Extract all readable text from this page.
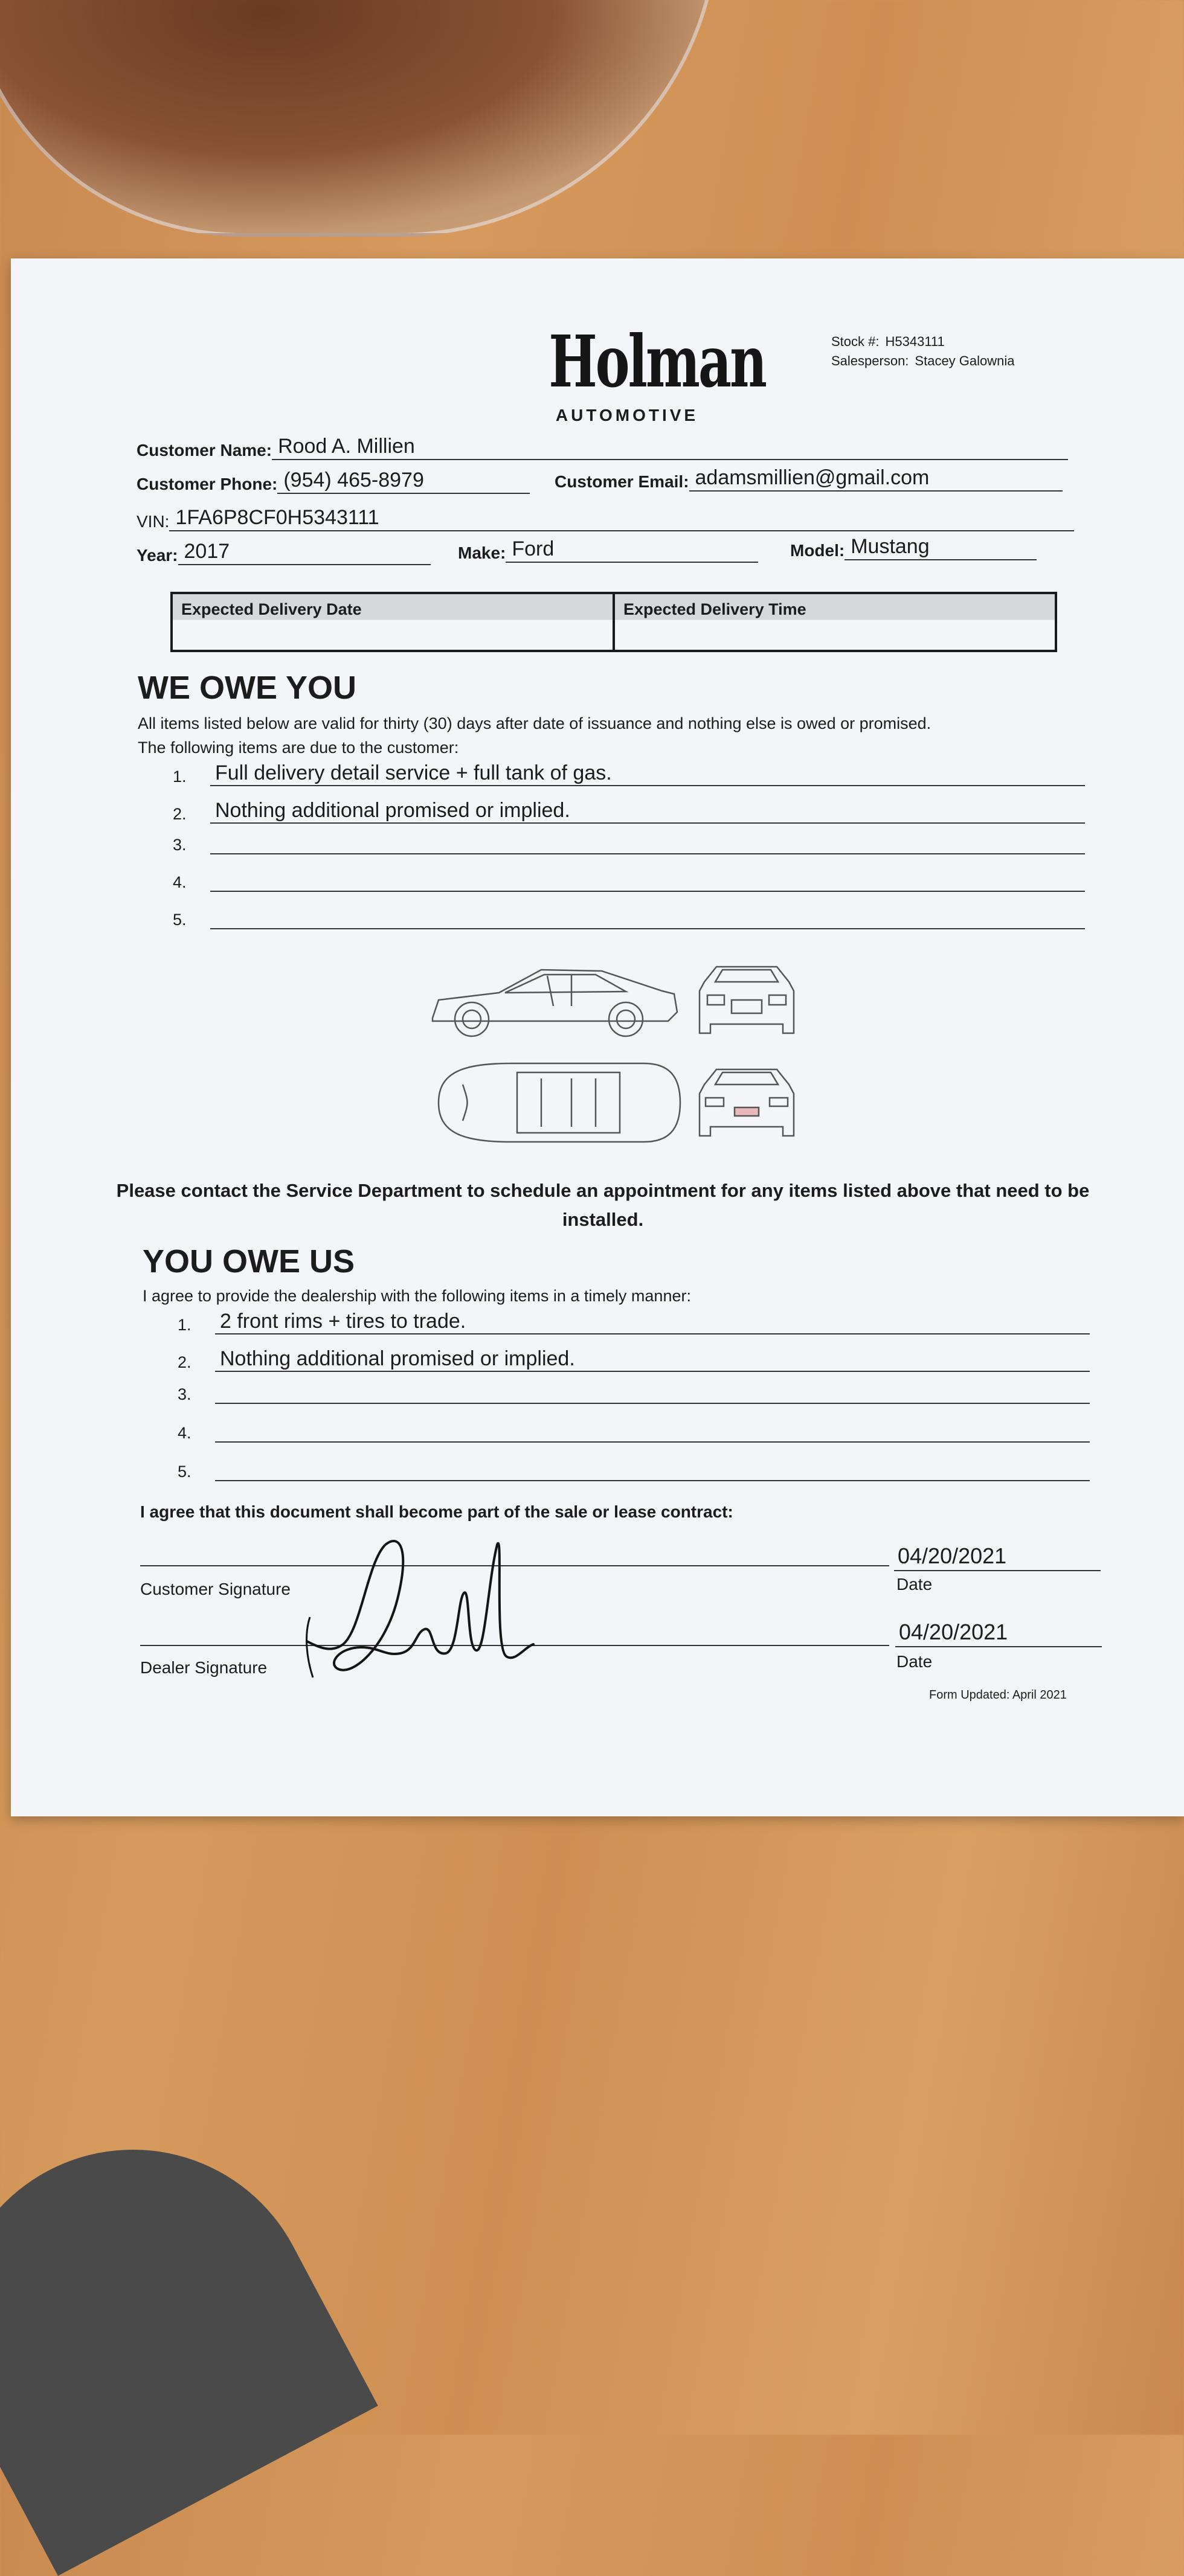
Holman
AUTOMOTIVE
Stock #: H5343111
Salesperson: Stacey Galownia
Customer Name: Rood A. Millien
Customer Phone: (954) 465-8979	Customer Email: adamsmillien@gmail.com
VIN: 1FA6P8CF0H5343111
Year: 2017	Make: Ford	Model: Mustang
Expected Delivery Date	Expected Delivery Time
WE OWE YOU
All items listed below are valid for thirty (30) days after date of issuance and nothing else is owed or promised.
The following items are due to the customer:
1.	Full delivery detail service + full tank of gas.
2.	Nothing additional promised or implied.
3.
4.
5.
Please contact the Service Department to schedule an appointment for any items listed above that need to be installed.
YOU OWE US
I agree to provide the dealership with the following items in a timely manner:
1.	2 front rims + tires to trade.
2.	Nothing additional promised or implied.
3.
4.
5.
I agree that this document shall become part of the sale or lease contract:
Customer Signature
04/20/2021
Date
Dealer Signature
04/20/2021
Date
Form Updated: April 2021
